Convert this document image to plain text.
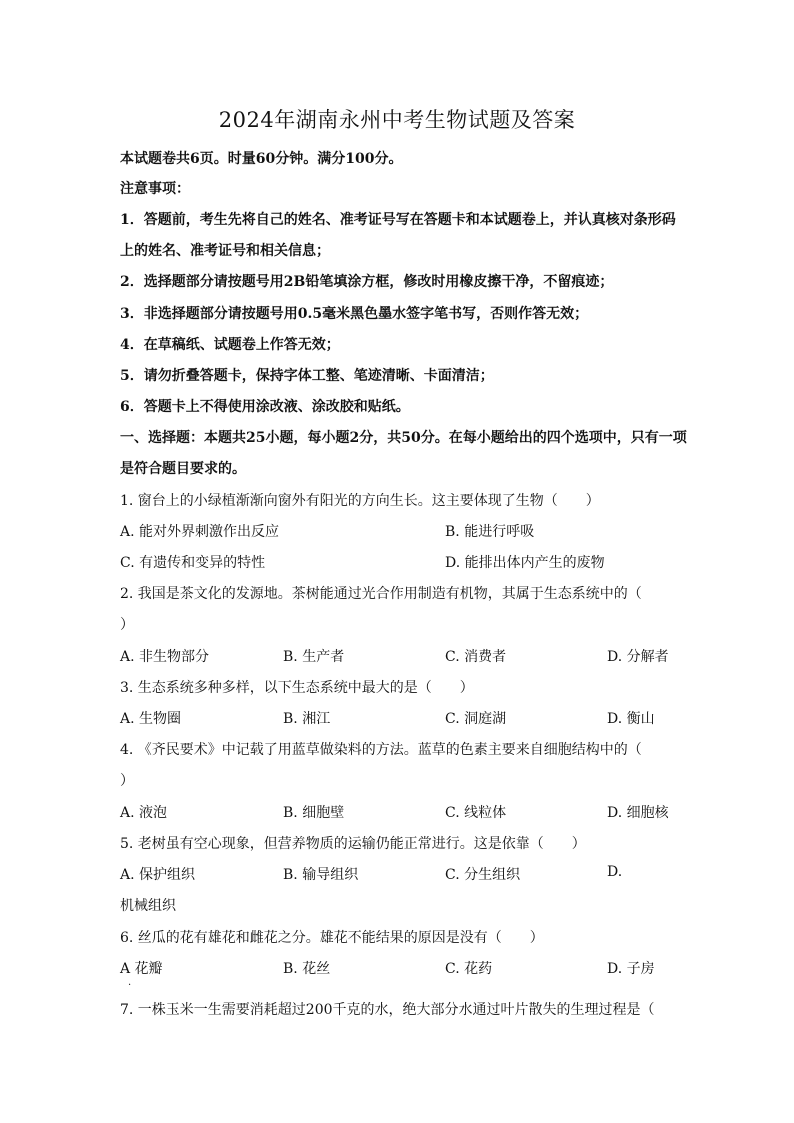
2024年湖南永州中考生物试题及答案
本试题卷共6页。时量60分钟。满分100分。
注意事项：
1．答题前，考生先将自己的姓名、准考证号写在答题卡和本试题卷上，并认真核对条形码
上的姓名、准考证号和相关信息；
2．选择题部分请按题号用2B铅笔填涂方框，修改时用橡皮擦干净，不留痕迹；
3．非选择题部分请按题号用0.5毫米黑色墨水签字笔书写，否则作答无效；
4．在草稿纸、试题卷上作答无效；
5．请勿折叠答题卡，保持字体工整、笔迹清晰、卡面清洁；
6．答题卡上不得使用涂改液、涂改胶和贴纸。
一、选择题：本题共25小题，每小题2分，共50分。在每小题给出的四个选项中，只有一项
是符合题目要求的。
1. 窗台上的小绿植渐渐向窗外有阳光的方向生长。这主要体现了生物（　　）
A. 能对外界刺激作出反应	B. 能进行呼吸
C. 有遗传和变异的特性	D. 能排出体内产生的废物
2. 我国是茶文化的发源地。茶树能通过光合作用制造有机物，其属于生态系统中的（
）
A. 非生物部分	B. 生产者	C. 消费者	D. 分解者
3. 生态系统多种多样，以下生态系统中最大的是（　　）
A. 生物圈	B. 湘江	C. 洞庭湖	D. 衡山
4. 《齐民要术》中记载了用蓝草做染料的方法。蓝草的色素主要来自细胞结构中的（
）
A. 液泡	B. 细胞壁	C. 线粒体	D. 细胞核
5. 老树虽有空心现象，但营养物质的运输仍能正常进行。这是依靠（　　）
A. 保护组织	B. 输导组织	C. 分生组织	D.
机械组织
6. 丝瓜的花有雄花和雌花之分。雄花不能结果的原因是没有（　　）
A 花瓣
.
B. 花丝	C. 花药	D. 子房
7. 一株玉米一生需要消耗超过200千克的水，绝大部分水通过叶片散失的生理过程是（
